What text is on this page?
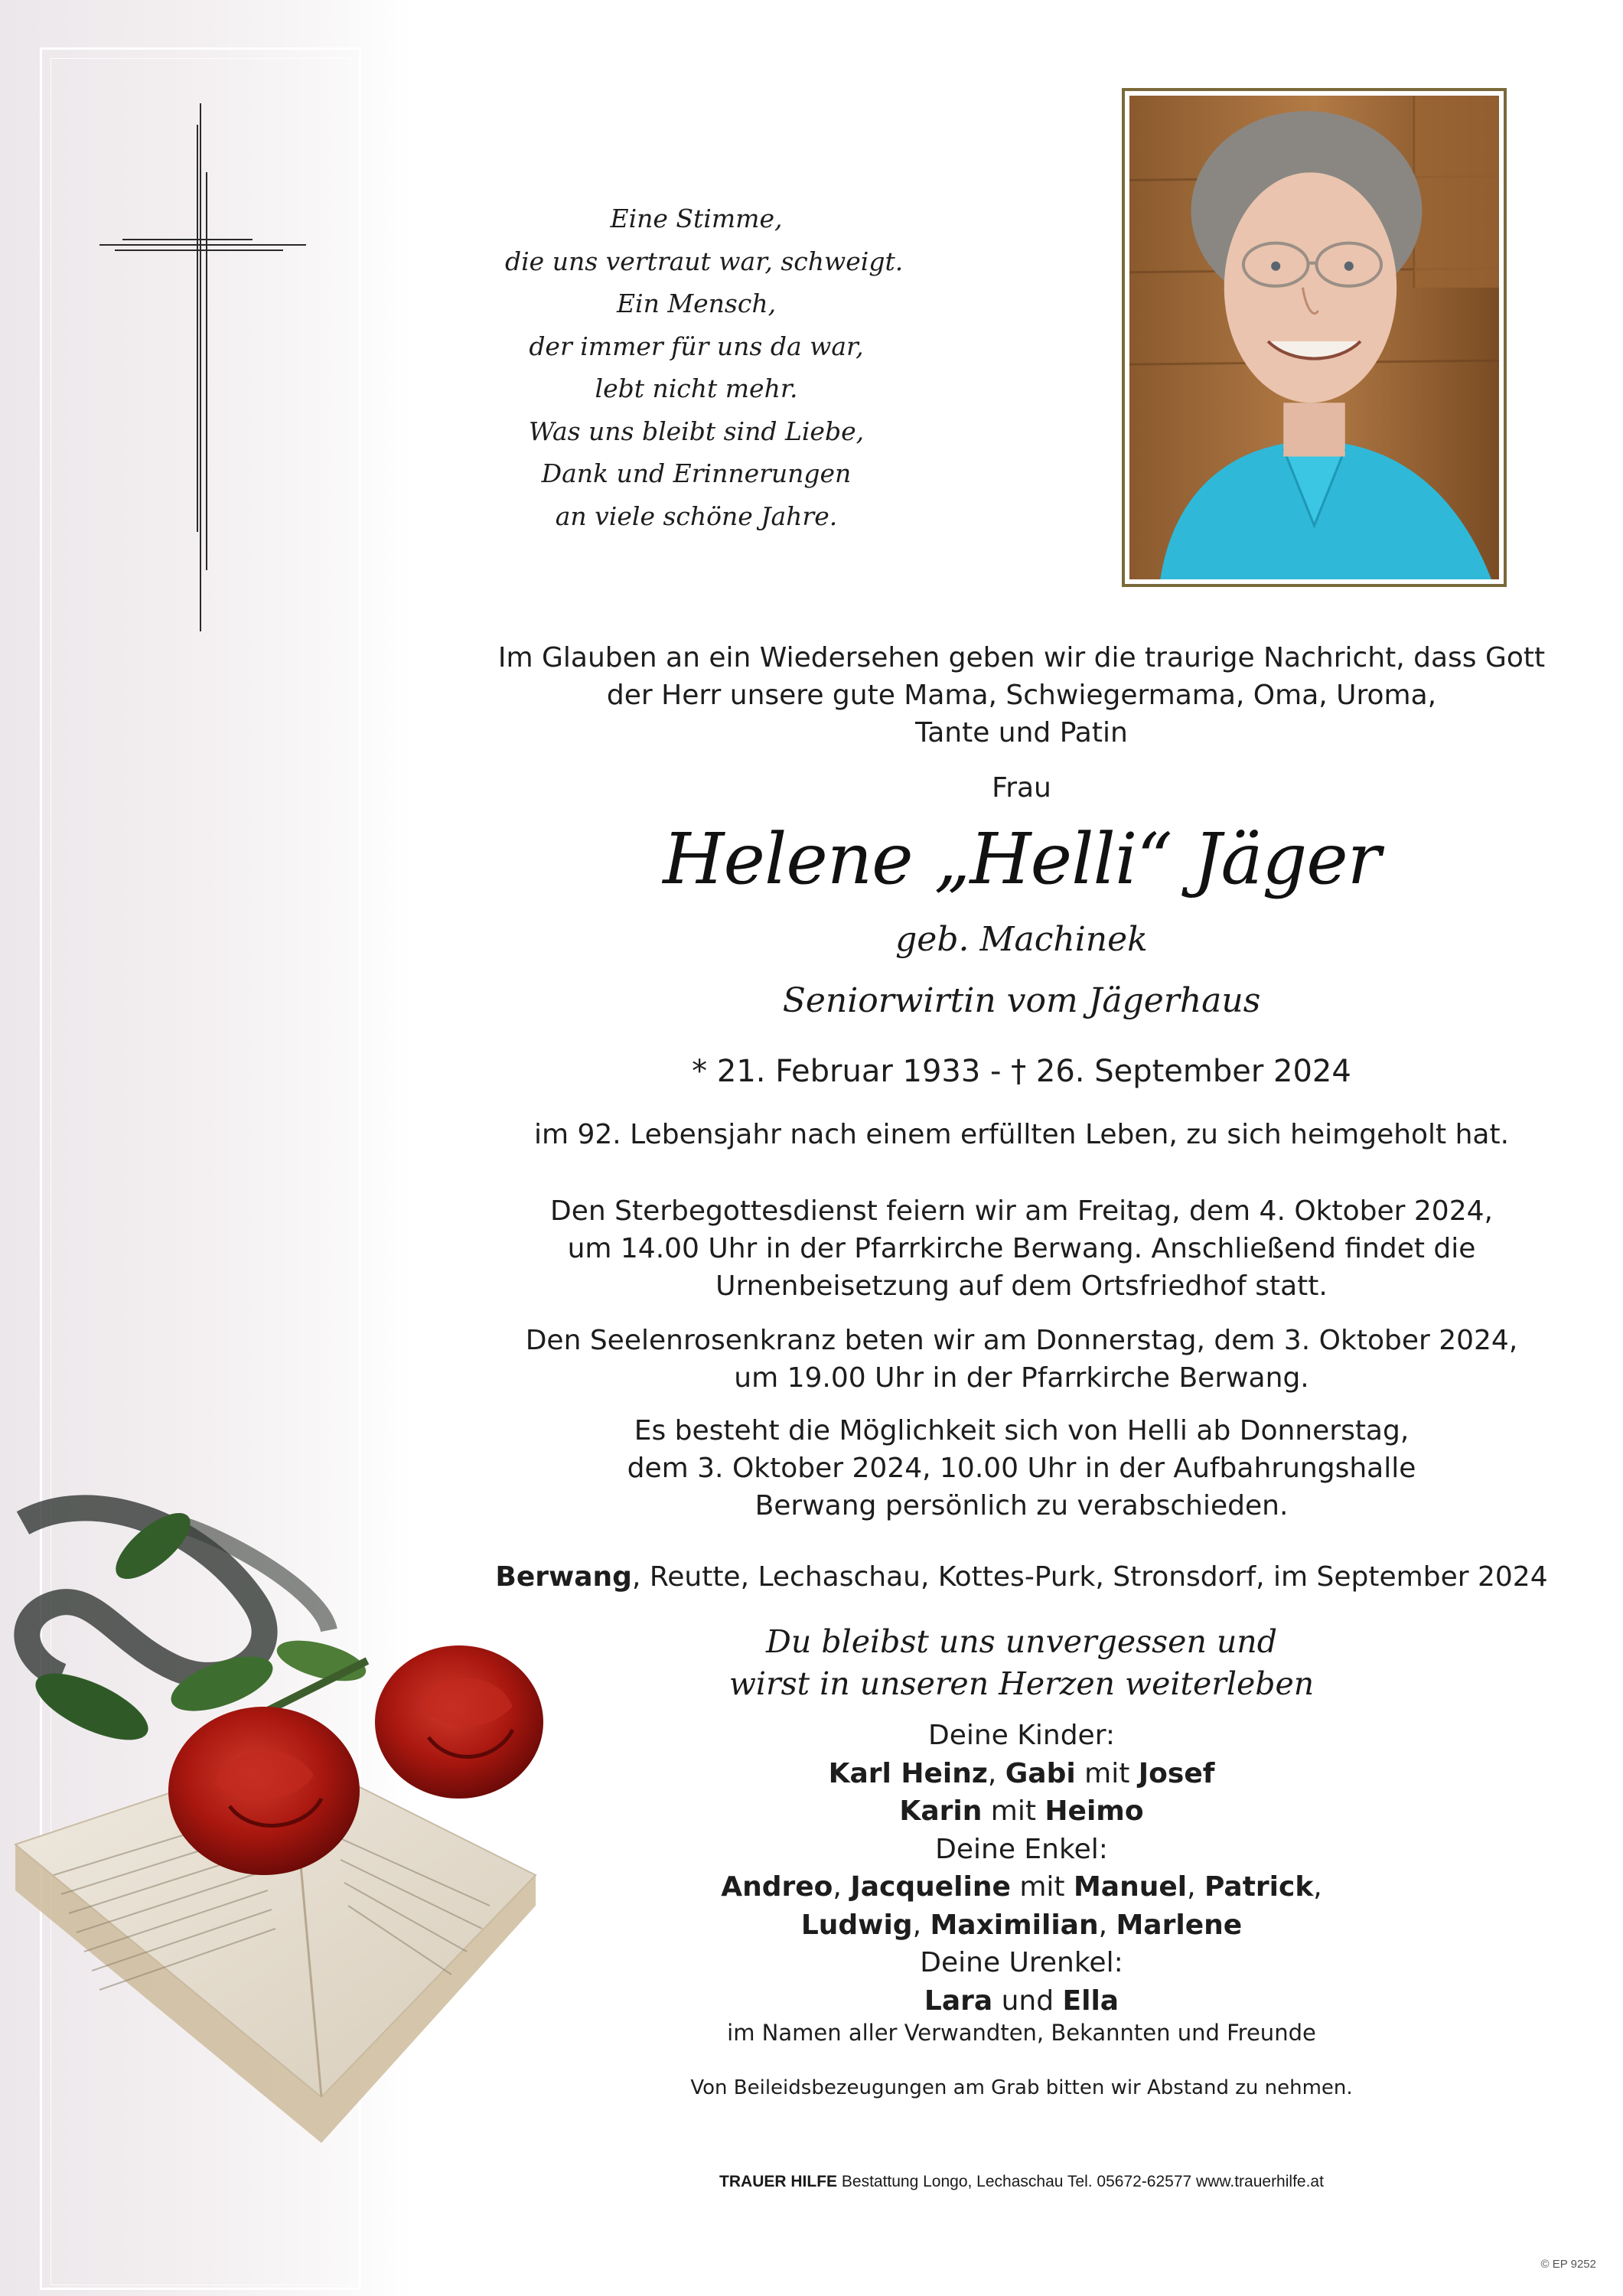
Eine Stimme,
die uns vertraut war, schweigt.
Ein Mensch,
der immer für uns da war,
lebt nicht mehr.
Was uns bleibt sind Liebe,
Dank und Erinnerungen
an viele schöne Jahre.
Im Glauben an ein Wiedersehen geben wir die traurige Nachricht, dass Gott
der Herr unsere gute Mama, Schwiegermama, Oma, Uroma,
Tante und Patin
Frau
Helene „Helli“ Jäger
geb. Machinek
Seniorwirtin vom Jägerhaus
* 21. Februar 1933 - † 26. September 2024
im 92. Lebensjahr nach einem erfüllten Leben, zu sich heimgeholt hat.
Den Sterbegottesdienst feiern wir am Freitag, dem 4. Oktober 2024,
um 14.00 Uhr in der Pfarrkirche Berwang. Anschließend findet die
Urnenbeisetzung auf dem Ortsfriedhof statt.
Den Seelenrosenkranz beten wir am Donnerstag, dem 3. Oktober 2024,
um 19.00 Uhr in der Pfarrkirche Berwang.
Es besteht die Möglichkeit sich von Helli ab Donnerstag,
dem 3. Oktober 2024, 10.00 Uhr in der Aufbahrungshalle
Berwang persönlich zu verabschieden.
Berwang, Reutte, Lechaschau, Kottes-Purk, Stronsdorf, im September 2024
Du bleibst uns unvergessen und
wirst in unseren Herzen weiterleben
Deine Kinder:
Karl Heinz, Gabi mit Josef
Karin mit Heimo
Deine Enkel:
Andreo, Jacqueline mit Manuel, Patrick,
Ludwig, Maximilian, Marlene
Deine Urenkel:
Lara und Ella
im Namen aller Verwandten, Bekannten und Freunde
Von Beileidsbezeugungen am Grab bitten wir Abstand zu nehmen.
TRAUER HILFE Bestattung Longo, Lechaschau Tel. 05672-62577 www.trauerhilfe.at
© EP 9252
